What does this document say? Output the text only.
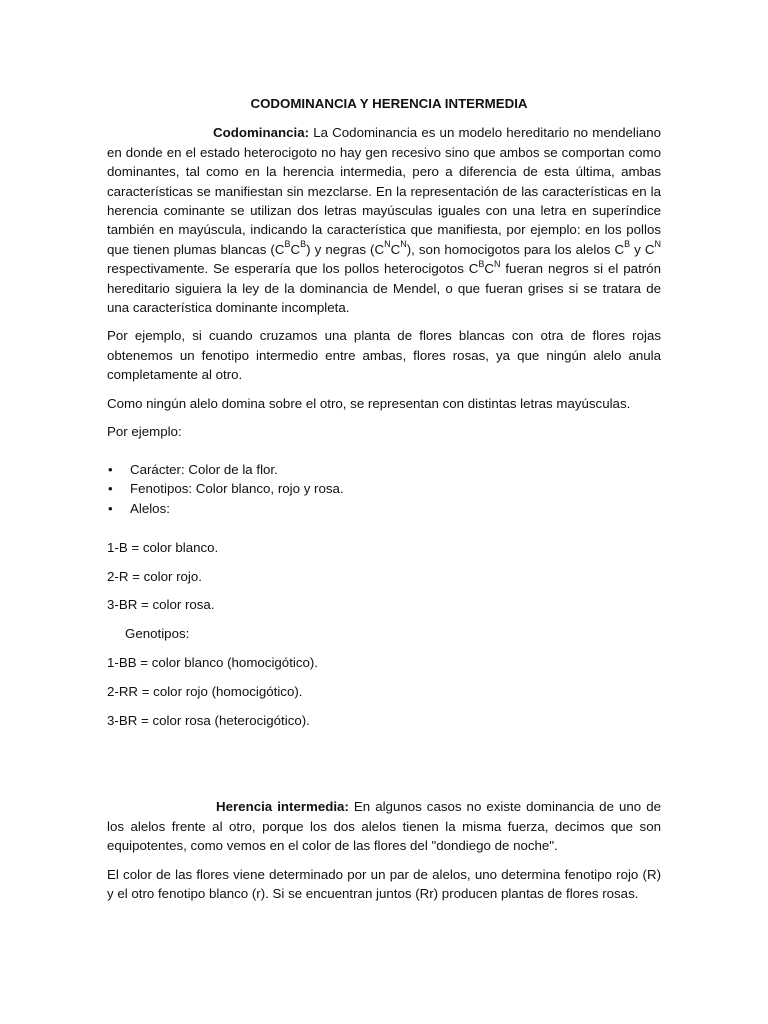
CODOMINANCIA Y HERENCIA INTERMEDIA

Codominancia: La Codominancia es un modelo hereditario no mendeliano en donde en el estado heterocigoto no hay gen recesivo sino que ambos se comportan como dominantes, tal como en la herencia intermedia, pero a diferencia de esta última, ambas características se manifiestan sin mezclarse. En la representación de las características en la herencia cominante se utilizan dos letras mayúsculas iguales con una letra en superíndice también en mayúscula, indicando la característica que manifiesta, por ejemplo: en los pollos que tienen plumas blancas $(C^BC^B)$ y negras $(C^NC^N)$, son homocigotos para los alelos $C^B$ y $C^N$ respectivamente. Se esperaría que los pollos heterocigotos $C^BC^N$ fueran negros si el patrón hereditario siguiera la ley de la dominancia de Mendel, o que fueran grises si se tratara de una característica dominante incompleta.

Por ejemplo, si cuando cruzamos una planta de flores blancas con otra de flores rojas obtenemos un fenotipo intermedio entre ambas, flores rosas, ya que ningún alelo anula completamente al otro.

Como ningún alelo domina sobre el otro, se representan con distintas letras mayúsculas.

Por ejemplo:

• Carácter: Color de la flor.
• Fenotipos: Color blanco, rojo y rosa.
• Alelos:

1-B = color blanco.

2-R = color rojo.

3-BR = color rosa.

Genotipos:

1-BB = color blanco (homocigótico).

2-RR = color rojo (homocigótico).

3-BR = color rosa (heterocigótico).

Herencia intermedia: En algunos casos no existe dominancia de uno de los alelos frente al otro, porque los dos alelos tienen la misma fuerza, decimos que son equipotentes, como vemos en el color de las flores del "dondiego de noche".

El color de las flores viene determinado por un par de alelos, uno determina fenotipo rojo (R) y el otro fenotipo blanco (r). Si se encuentran juntos (Rr) producen plantas de flores rosas.
